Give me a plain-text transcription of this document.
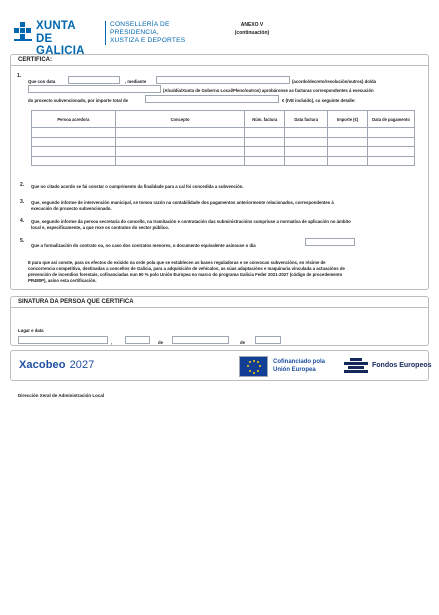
XUNTA
DE GALICIA
CONSELLERÍA DE
PRESIDENCIA,
XUSTIZA E DEPORTES
ANEXO V
(continuación)
CERTIFICA:
1.
Que con data	, mediante	(acordo/decreto/resolución/outros) do/da
(Alcaldía/Xunta de Goberno Local/Pleno/outros) aprobáronse as facturas correspondentes á execución
do proxecto subvencionado, por importe total de	€ (IVE incluído), co seguinte detalle:
Persoa acredora	Concepto	Núm. factura	Data factura	Importe (€)	Data de pagamento

2. Que no citado acordo se fai constar o cumprimento da finalidade para a cal foi concedida a subvención.
3. Que, segundo informe de intervención municipal, se tomou razón na contabilidade dos pagamentos anteriormente relacionados, correspondentes á
execución do proxecto subvencionado.
4. Que, segundo informe da persoa secretaria do concello, na tramitación e contratación das subministracións cumpriuse a normativa de aplicación no ámbito
local e, especificamente, a que rexe os contratos do sector público.
5.
Que a formalización do contrato ou, no caso dos contratos menores, o documento equivalente asinouse o día
E para que así conste, para os efectos do exixido na orde pola que se establecen as bases reguladoras e se convocan subvencións, en réxime de
concorrencia competitiva, destinadas a concellos de Galicia, para a adquisición de vehículos, as súas adaptacións e maquinaria vinculada a actuacións de
prevención de incendios forestais, cofinanciadas nun 60 % polo Unión Europea no marco do programa Galicia Feder 2021-2027 (código de procedemento
PR480P), asino esta certificación.
SINATURA DA PERSOA QUE CERTIFICA
Lugar e data
,	de	de
Xacobeo 2027	Cofinanciado pola
Unión Europea
Fondos Europeos
Dirección Xeral de Administración Local
